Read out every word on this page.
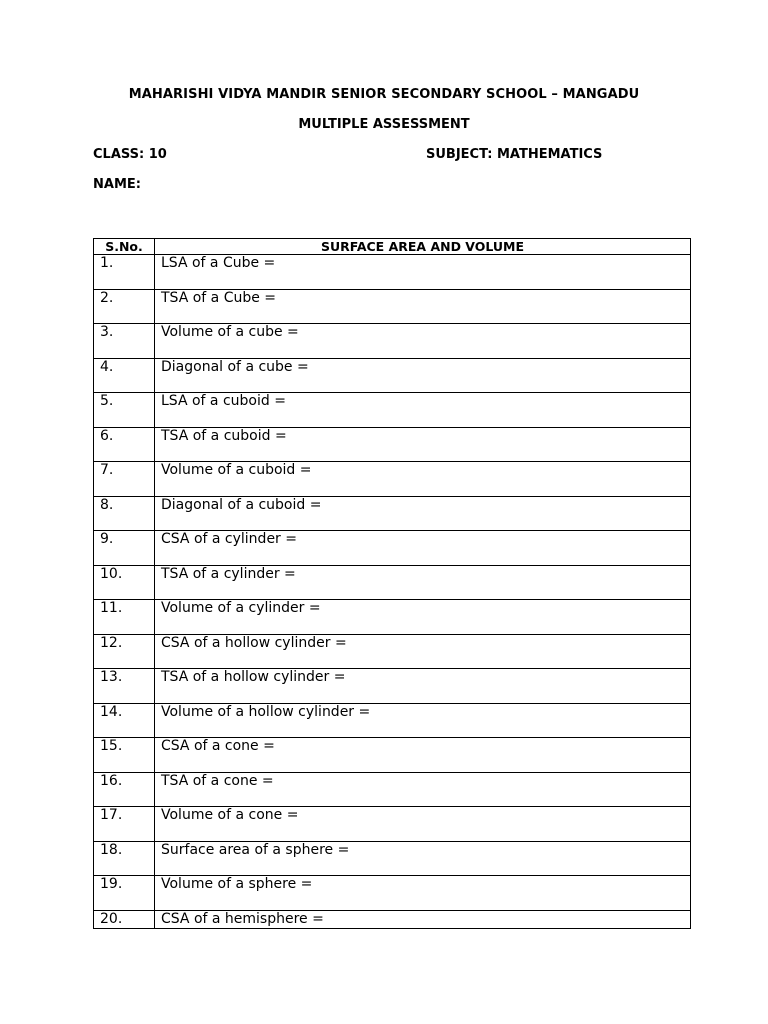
MAHARISHI VIDYA MANDIR SENIOR SECONDARY SCHOOL – MANGADU
MULTIPLE ASSESSMENT
CLASS: 10	SUBJECT: MATHEMATICS
NAME:
S.No.	SURFACE AREA AND VOLUME
1.	LSA of a Cube =
2.	TSA of a Cube =
3.	Volume of a cube =
4.	Diagonal of a cube =
5.	LSA of a cuboid =
6.	TSA of a cuboid =
7.	Volume of a cuboid =
8.	Diagonal of a cuboid =
9.	CSA of a cylinder =
10.	TSA of a cylinder =
11.	Volume of a cylinder =
12.	CSA of a hollow cylinder =
13.	TSA of a hollow cylinder =
14.	Volume of a hollow cylinder =
15.	CSA of a cone =
16.	TSA of a cone =
17.	Volume of a cone =
18.	Surface area of a sphere =
19.	Volume of a sphere =
20.	CSA of a hemisphere =
